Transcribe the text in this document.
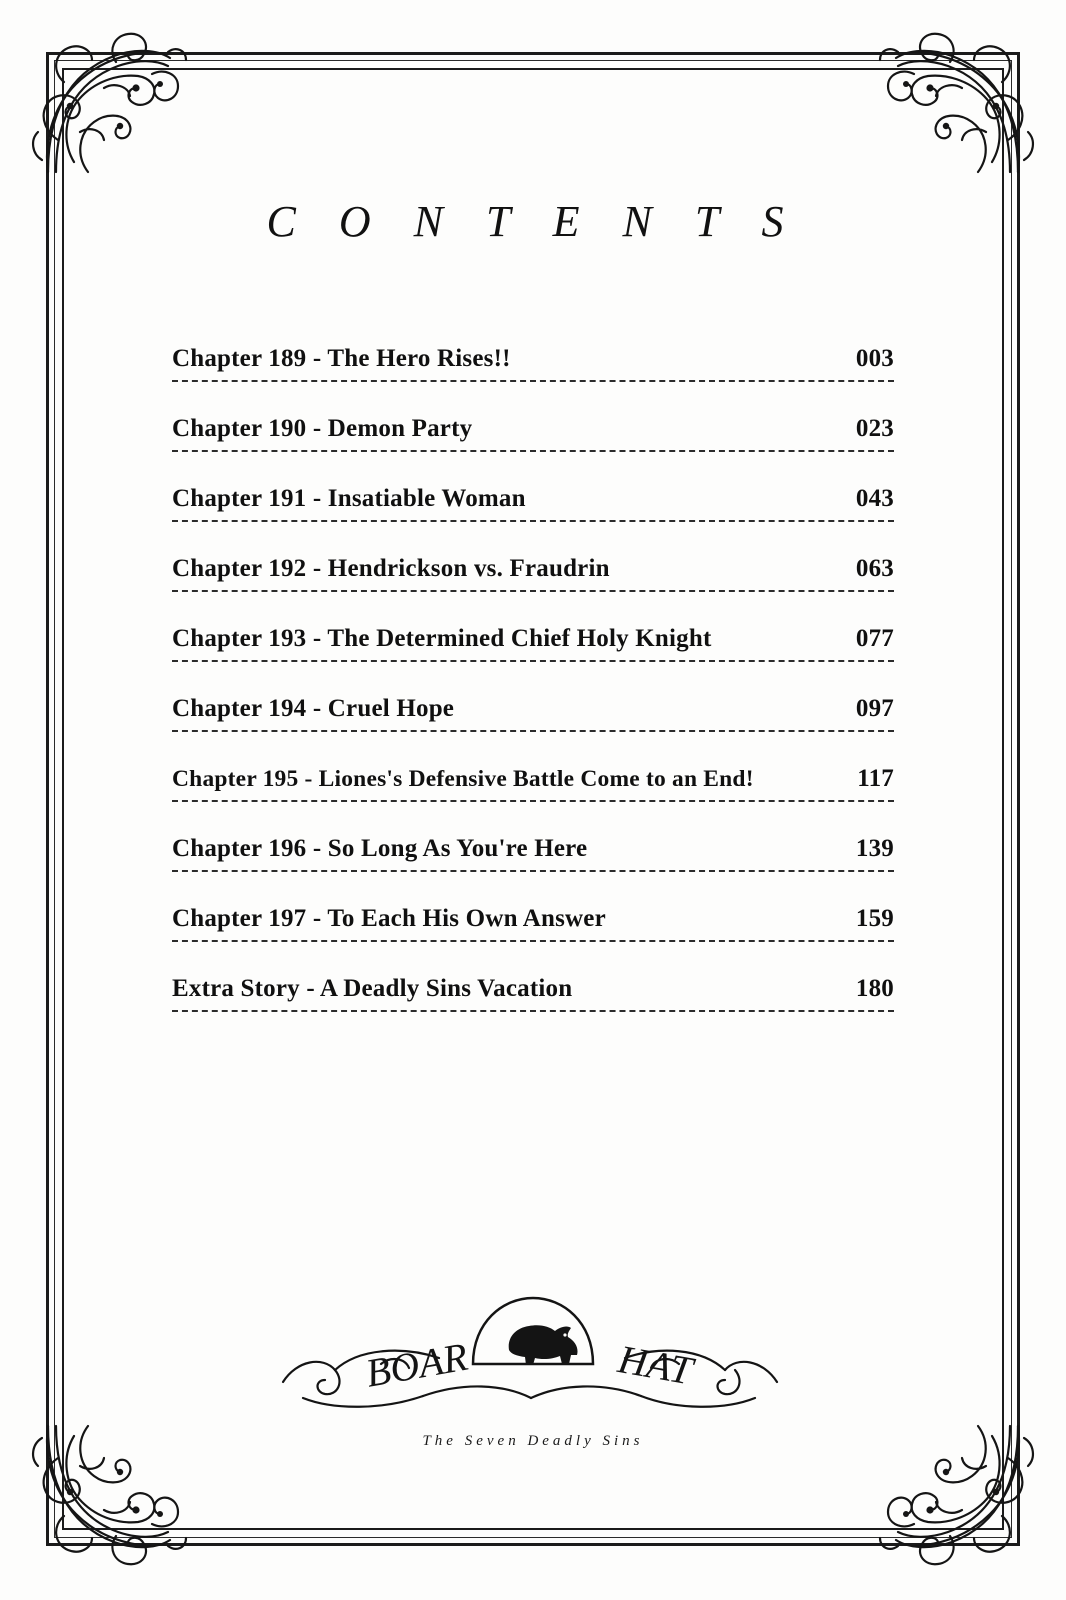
C O N T E N T S
Chapter 189 - The Hero Rises!!	003
Chapter 190 - Demon Party	023
Chapter 191 - Insatiable Woman	043
Chapter 192 - Hendrickson vs. Fraudrin	063
Chapter 193 - The Determined Chief Holy Knight	077
Chapter 194 - Cruel Hope	097
Chapter 195 - Liones's Defensive Battle Come to an End!	117
Chapter 196 - So Long As You're Here	139
Chapter 197 - To Each His Own Answer	159
Extra Story - A Deadly Sins Vacation	180
BOAR	HAT
The Seven Deadly Sins
